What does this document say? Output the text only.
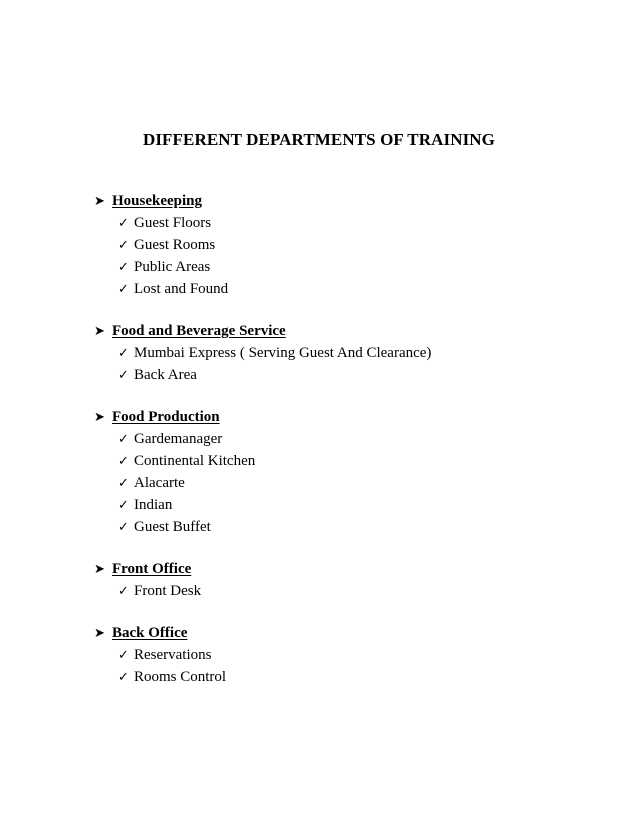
DIFFERENT DEPARTMENTS OF TRAINING
➤ Housekeeping
✓ Guest Floors
✓ Guest Rooms
✓ Public Areas
✓ Lost and Found
➤ Food and Beverage Service
✓ Mumbai Express ( Serving Guest And Clearance)
✓ Back Area
➤ Food Production
✓ Gardemanager
✓ Continental Kitchen
✓ Alacarte
✓ Indian
✓ Guest Buffet
➤ Front Office
✓ Front Desk
➤ Back Office
✓ Reservations
✓ Rooms Control
